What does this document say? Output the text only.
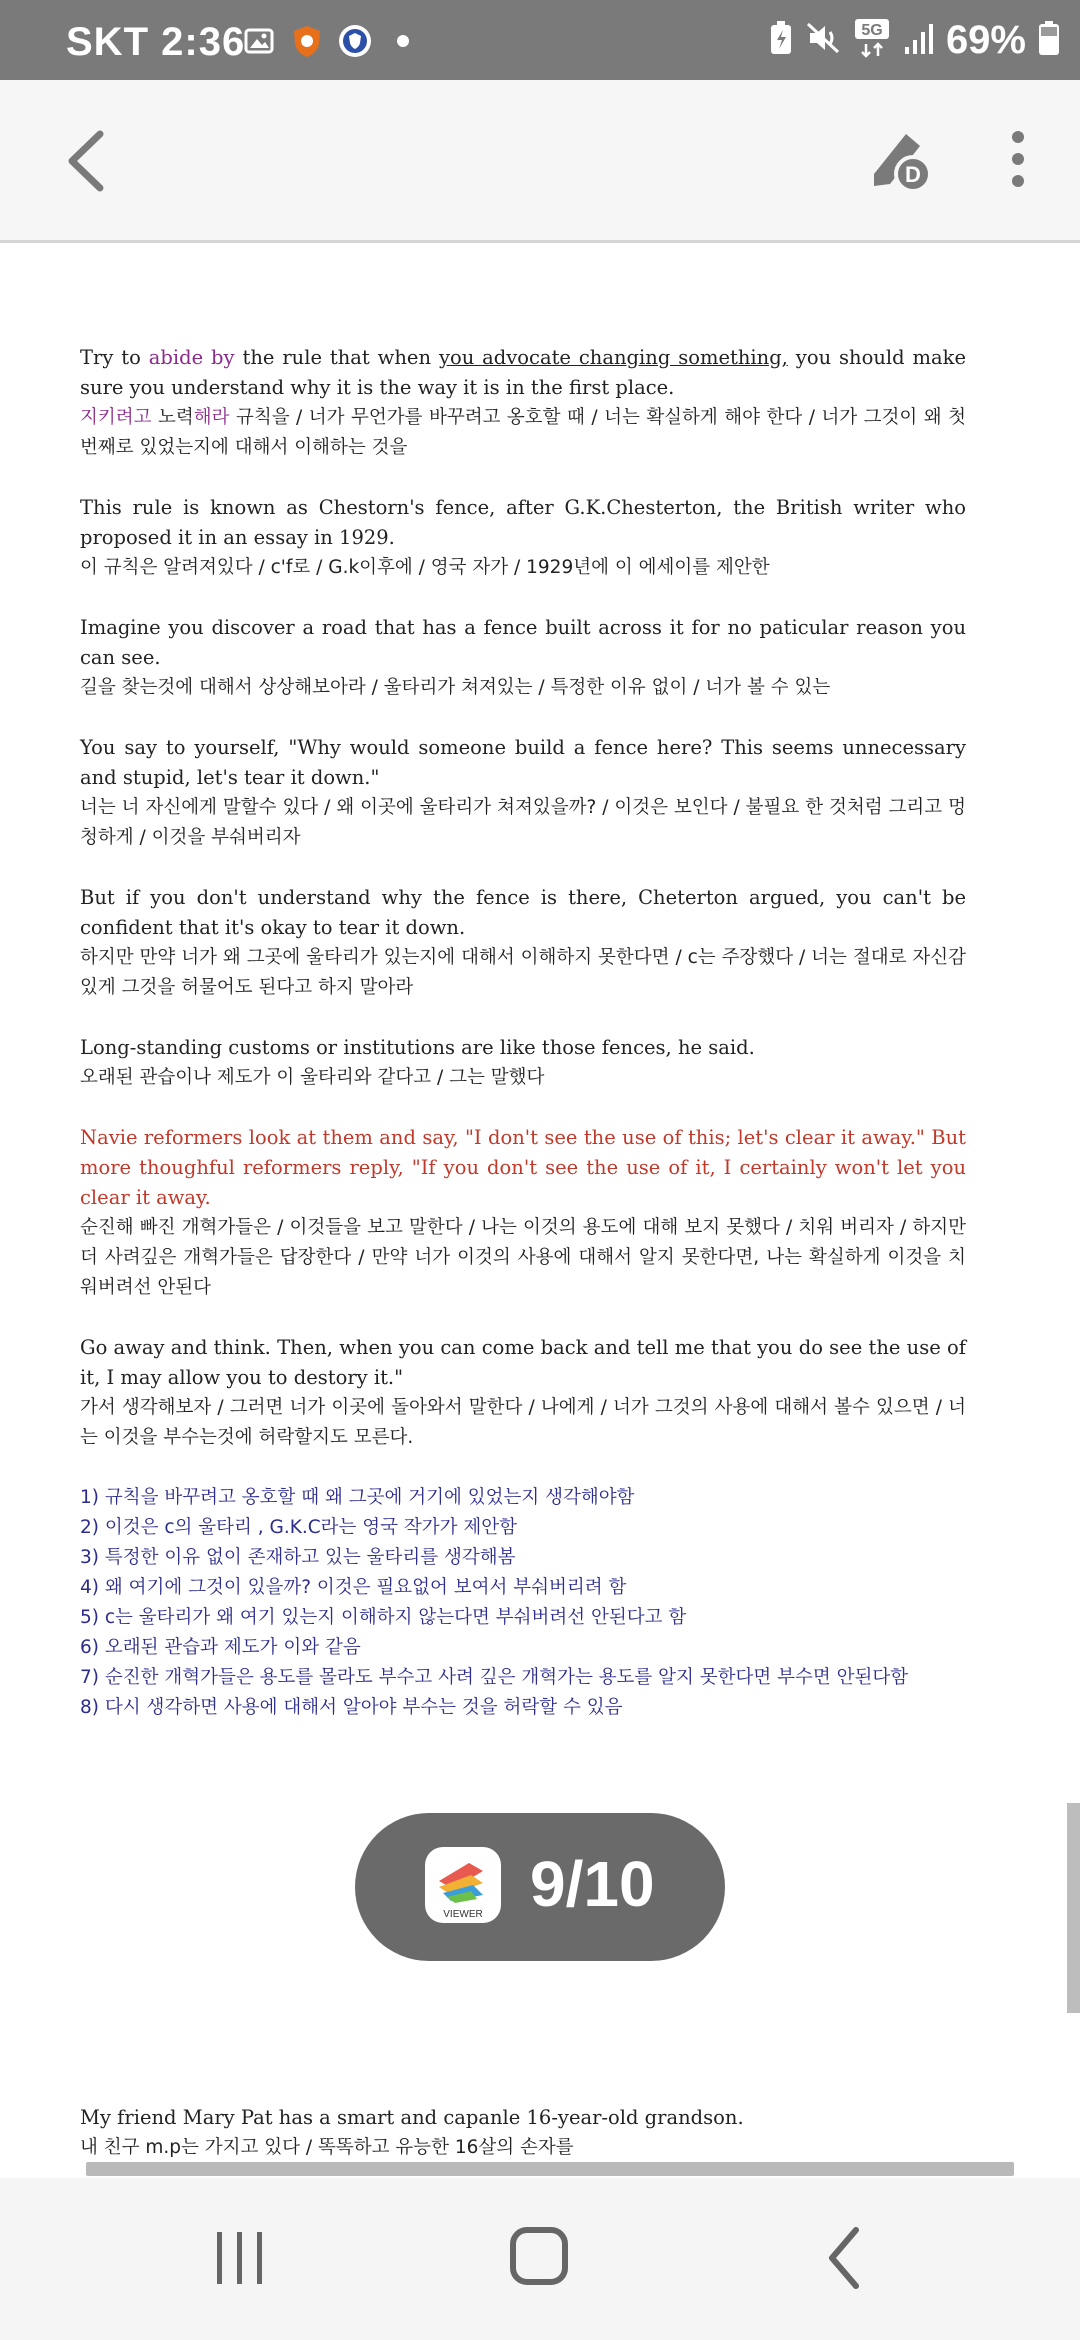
SKT 2:36	5G 69%
D
Try to abide by the rule that when you advocate changing something, you should make sure you understand why it is the way it is in the first place.
지키려고 노력해라 규칙을 / 너가 무언가를 바꾸려고 옹호할 때 / 너는 확실하게 해야 한다 / 너가 그것이 왜 첫 번째로 있었는지에 대해서 이해하는 것을
This rule is known as Chestorn's fence, after G.K.Chesterton, the British writer who proposed it in an essay in 1929.
이 규칙은 알려져있다 / c'f로 / G.k이후에 / 영국 자가 / 1929년에 이 에세이를 제안한
Imagine you discover a road that has a fence built across it for no paticular reason you can see.
길을 찾는것에 대해서 상상해보아라 / 울타리가 쳐져있는 / 특정한 이유 없이 / 너가 볼 수 있는
You say to yourself, "Why would someone build a fence here? This seems unnecessary and stupid, let's tear it down."
너는 너 자신에게 말할수 있다 / 왜 이곳에 울타리가 쳐져있을까? / 이것은 보인다 / 불필요 한 것처럼 그리고 멍청하게 / 이것을 부숴버리자
But if you don't understand why the fence is there, Cheterton argued, you can't be confident that it's okay to tear it down.
하지만 만약 너가 왜 그곳에 울타리가 있는지에 대해서 이해하지 못한다면 / c는 주장했다 / 너는 절대로 자신감 있게 그것을 허물어도 된다고 하지 말아라
Long-standing customs or institutions are like those fences, he said.
오래된 관습이나 제도가 이 울타리와 같다고 / 그는 말했다
Navie reformers look at them and say, "I don't see the use of this; let's clear it away." But more thoughful reformers reply, "If you don't see the use of it, I certainly won't let you clear it away.
순진해 빠진 개혁가들은 / 이것들을 보고 말한다 / 나는 이것의 용도에 대해 보지 못했다 / 치워 버리자 / 하지만 더 사려깊은 개혁가들은 답장한다 / 만약 너가 이것의 사용에 대해서 알지 못한다면, 나는 확실하게 이것을 치워버려선 안된다
Go away and think. Then, when you can come back and tell me that you do see the use of it, I may allow you to destory it."
가서 생각해보자 / 그러면 너가 이곳에 돌아와서 말한다 / 나에게 / 너가 그것의 사용에 대해서 볼수 있으면 / 너는 이것을 부수는것에 허락할지도 모른다.
1) 규칙을 바꾸려고 옹호할 때 왜 그곳에 거기에 있었는지 생각해야함
2) 이것은 c의 울타리 , G.K.C라는 영국 작가가 제안함
3) 특정한 이유 없이 존재하고 있는 울타리를 생각해봄
4) 왜 여기에 그것이 있을까? 이것은 필요없어 보여서 부숴버리려 함
5) c는 울타리가 왜 여기 있는지 이해하지 않는다면 부숴버려선 안된다고 함
6) 오래된 관습과 제도가 이와 같음
7) 순진한 개혁가들은 용도를 몰라도 부수고 사려 깊은 개혁가는 용도를 알지 못한다면 부수면 안된다함
8) 다시 생각하면 사용에 대해서 알아야 부수는 것을 허락할 수 있음
My friend Mary Pat has a smart and capanle 16-year-old grandson.
내 친구 m.p는 가지고 있다 / 똑똑하고 유능한 16살의 손자를
VIEWER 9/10
